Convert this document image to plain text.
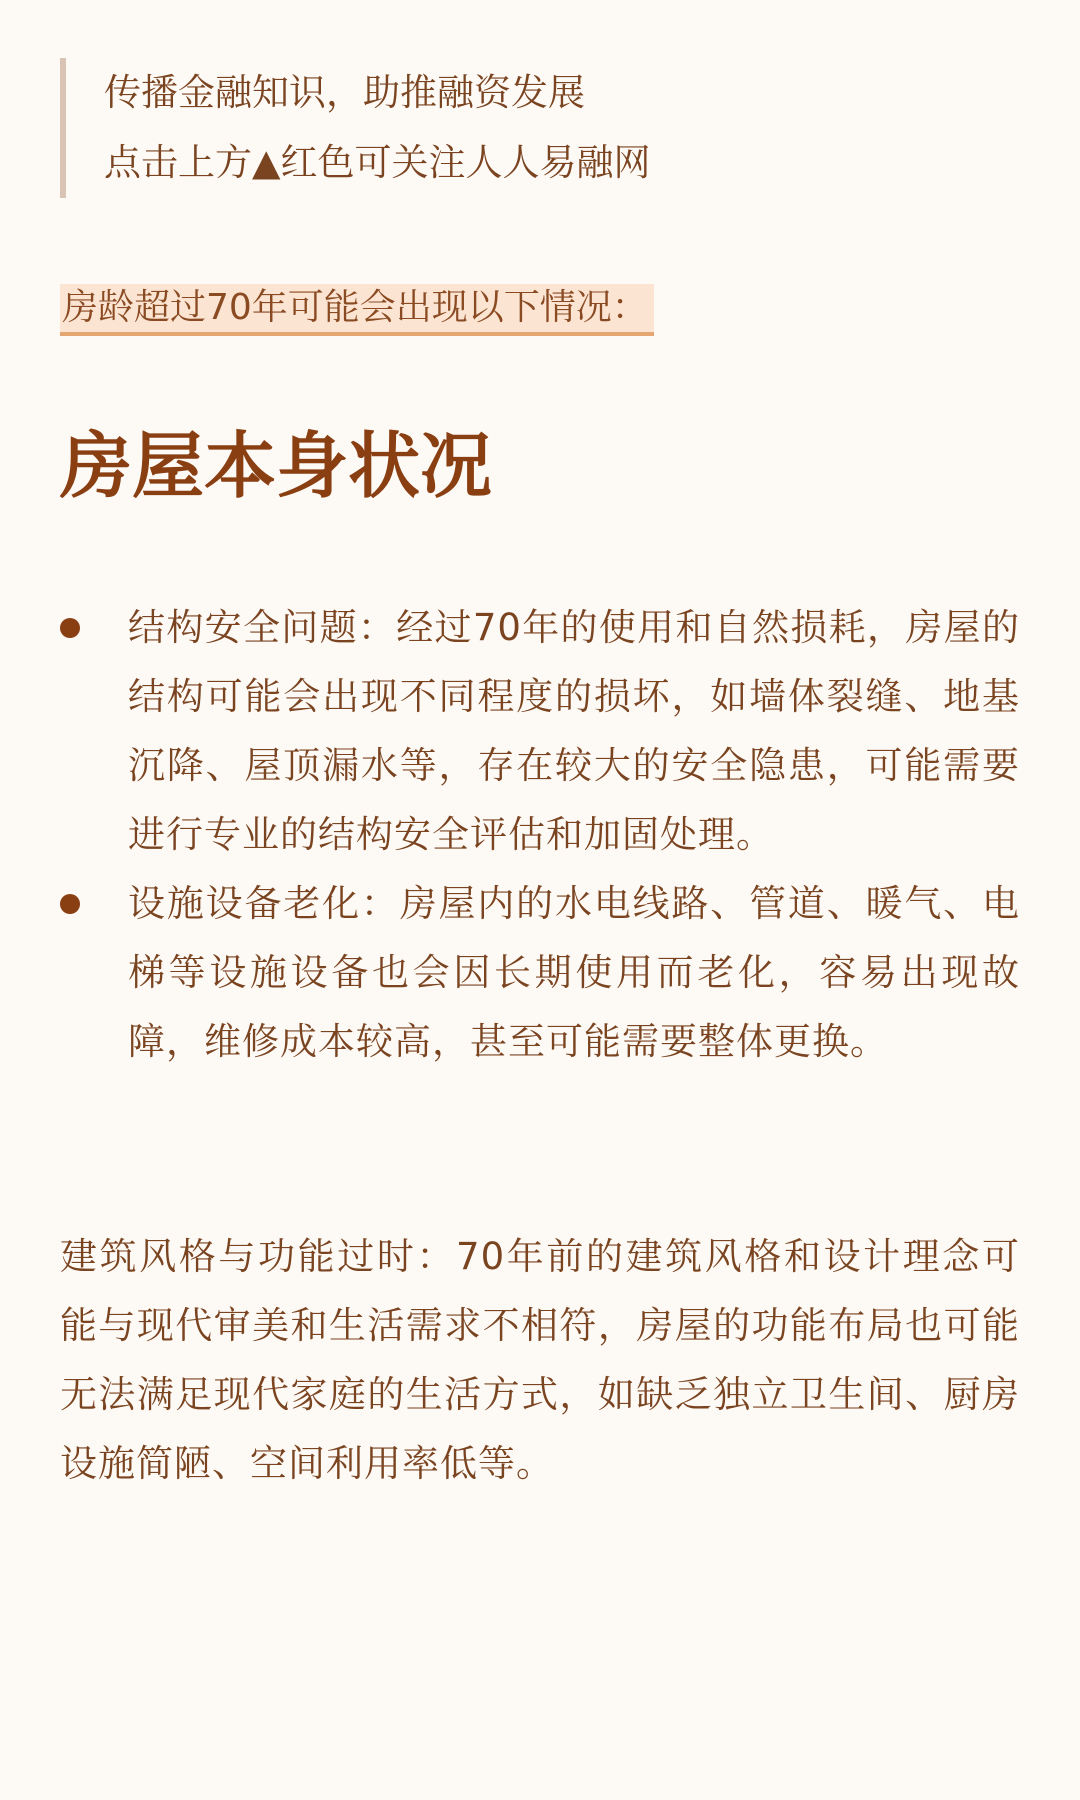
传播金融知识，助推融资发展
点击上方▲红色可关注人人易融网
房龄超过70年可能会出现以下情况：
房屋本身状况
结构安全问题：经过70年的使用和自然损耗，房屋的结构可能会出现不同程度的损坏，如墙体裂缝、地基沉降、屋顶漏水等，存在较大的安全隐患，可能需要进行专业的结构安全评估和加固处理。
设施设备老化：房屋内的水电线路、管道、暖气、电梯等设施设备也会因长期使用而老化，容易出现故障，维修成本较高，甚至可能需要整体更换。

建筑风格与功能过时：70年前的建筑风格和设计理念可能与现代审美和生活需求不相符，房屋的功能布局也可能无法满足现代家庭的生活方式，如缺乏独立卫生间、厨房设施简陋、空间利用率低等。
